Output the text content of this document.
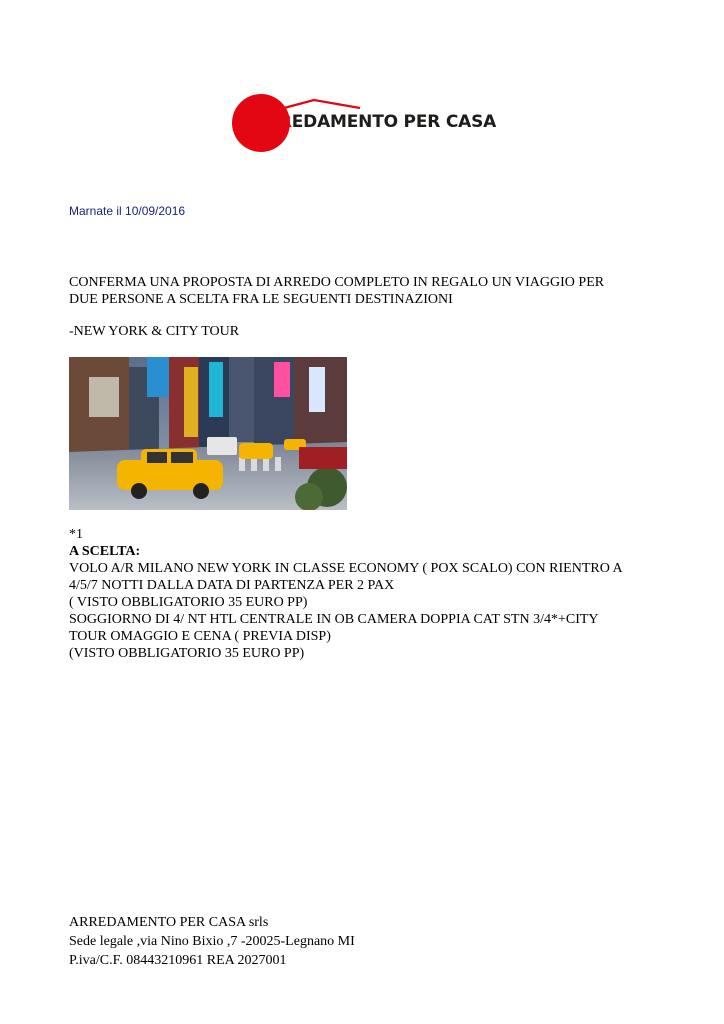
ARREDAMENTO PER CASA
Marnate il 10/09/2016
CONFERMA UNA PROPOSTA DI ARREDO COMPLETO IN REGALO UN VIAGGIO PER
DUE PERSONE A SCELTA FRA LE SEGUENTI DESTINAZIONI
-NEW YORK & CITY TOUR
*1
A SCELTA:
VOLO A/R MILANO NEW YORK IN CLASSE ECONOMY ( POX SCALO) CON RIENTRO A
4/5/7 NOTTI DALLA DATA DI PARTENZA PER 2 PAX
( VISTO OBBLIGATORIO 35 EURO PP)
SOGGIORNO DI 4/ NT HTL CENTRALE IN OB CAMERA DOPPIA CAT STN 3/4*+CITY
TOUR OMAGGIO E CENA ( PREVIA DISP)
(VISTO OBBLIGATORIO 35 EURO PP)
ARREDAMENTO PER CASA srls
Sede legale ,via Nino Bixio ,7 -20025-Legnano MI
P.iva/C.F. 08443210961 REA 2027001
